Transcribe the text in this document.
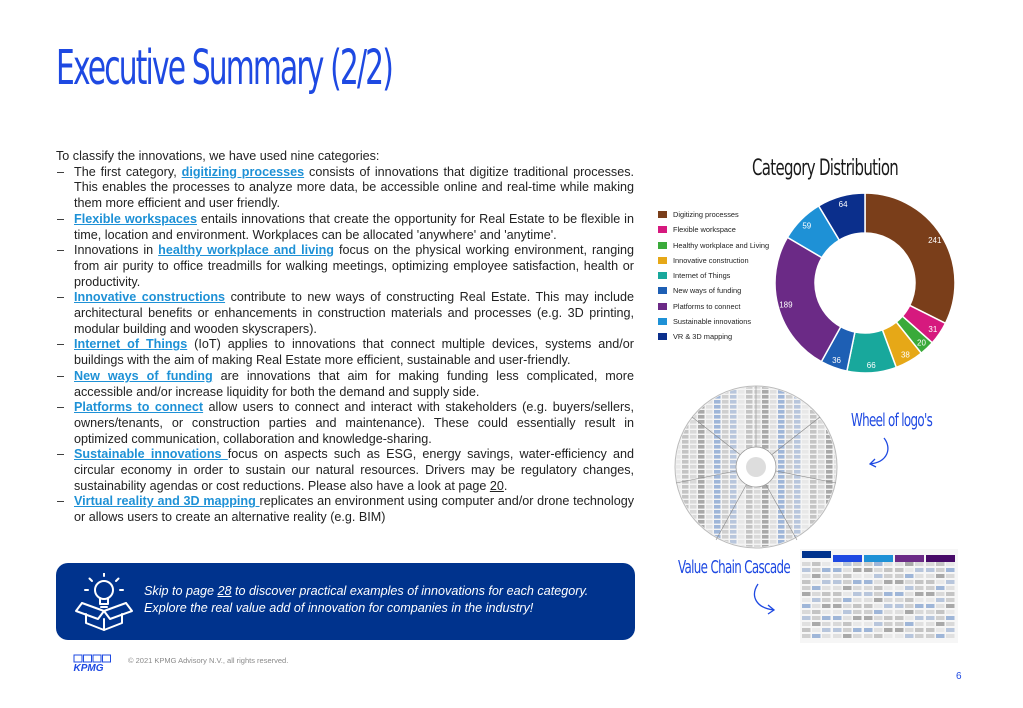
Executive Summary (2/2)
To classify the innovations, we have used nine categories:
– The first category, digitizing processes consists of innovations that digitize traditional processes. This enables the processes to analyze more data, be accessible online and real-time while making them more efficient and user friendly.
– Flexible workspaces entails innovations that create the opportunity for Real Estate to be flexible in time, location and environment. Workplaces can be allocated 'anywhere' and 'anytime'.
– Innovations in healthy workplace and living focus on the physical working environment, ranging from air purity to office treadmills for walking meetings, optimizing employee satisfaction, health or productivity.
– Innovative constructions contribute to new ways of constructing Real Estate. This may include architectural benefits or enhancements in construction materials and processes (e.g. 3D printing, modular building and wooden skyscrapers).
– Internet of Things (IoT) applies to innovations that connect multiple devices, systems and/or buildings with the aim of making Real Estate more efficient, sustainable and user-friendly.
– New ways of funding are innovations that aim for making funding less complicated, more accessible and/or increase liquidity for both the demand and supply side.
– Platforms to connect allow users to connect and interact with stakeholders (e.g. buyers/sellers, owners/tenants, or construction parties and maintenance). These could essentially result in optimized communication, collaboration and knowledge-sharing.
– Sustainable innovations focus on aspects such as ESG, energy savings, water-efficiency and circular economy in order to sustain our natural resources. Drivers may be regulatory changes, sustainability agendas or cost reductions. Please also have a look at page 20.
– Virtual reality and 3D mapping replicates an environment using computer and/or drone technology or allows users to create an alternative reality (e.g. BIM)
Skip to page 28 to discover practical examples of innovations for each category.
Explore the real value add of innovation for companies in the industry!
KPMG
© 2021 KPMG Advisory N.V., all rights reserved.
6
Category Distribution
Digitizing processes
Flexible workspace
Healthy workplace and Living
Innovative construction
Internet of Things
New ways of funding
Platforms to connect
Sustainable innovations
VR & 3D mapping
241
31
20
38
66
36
189
59
64
Wheel of logo's
Value Chain Cascade
